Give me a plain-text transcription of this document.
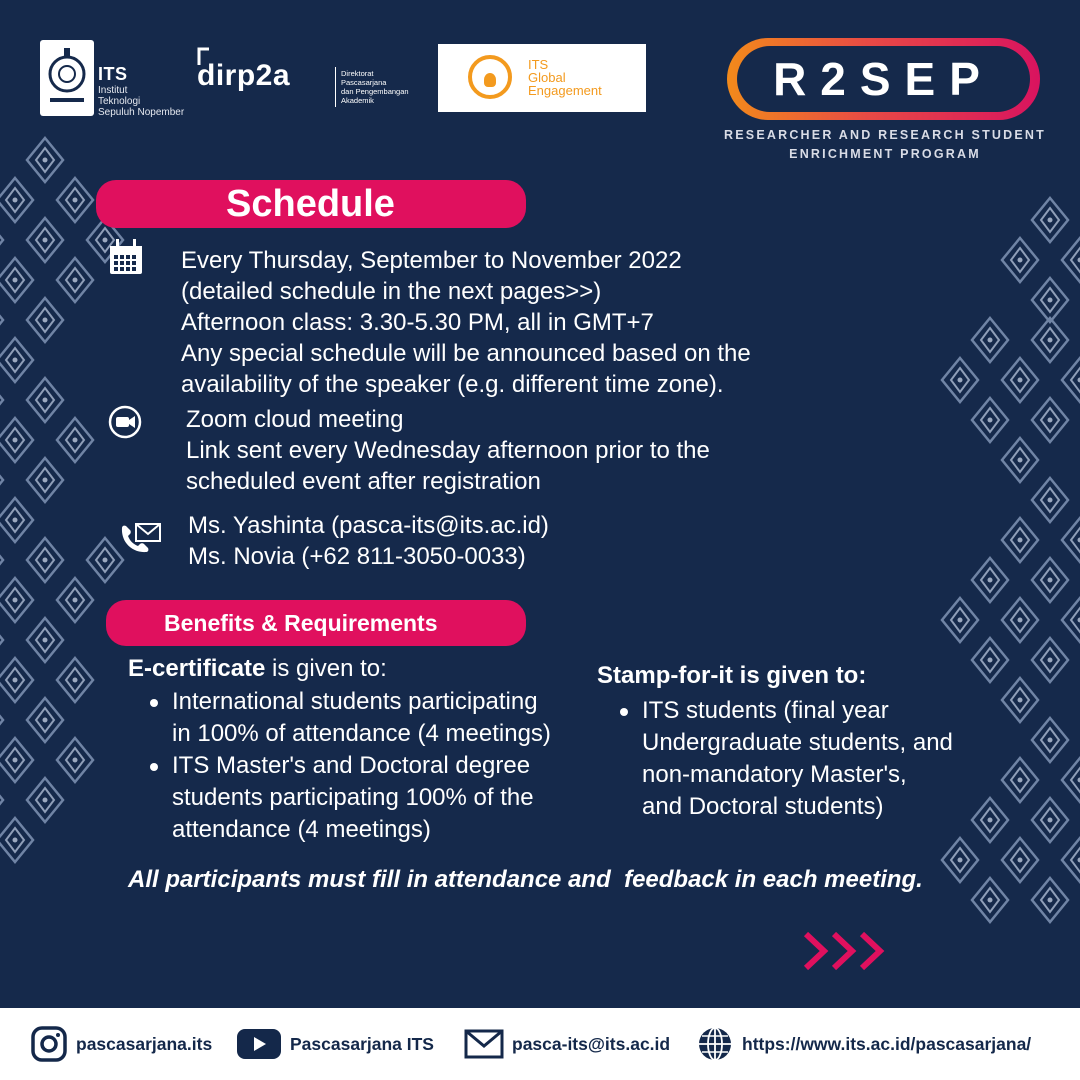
ITS
Institut
Teknologi
Sepuluh Nopember
dirp2a	Direktorat
Pascasarjana
dan Pengembangan
Akademik
ITS
Global
Engagement	R2SEP
RESEARCHER AND RESEARCH STUDENT
ENRICHMENT PROGRAM
Schedule
Every Thursday, September to November 2022
(detailed schedule in the next pages>>)
Afternoon class: 3.30-5.30 PM, all in GMT+7
Any special schedule will be announced based on the
availability of the speaker (e.g. different time zone).
Zoom cloud meeting
Link sent every Wednesday afternoon prior to the
scheduled event after registration
Ms. Yashinta (pasca-its@its.ac.id)
Ms. Novia (+62 811-3050-0033)
Benefits & Requirements
E-certificate is given to:
International students participating
in 100% of attendance (4 meetings)
ITS Master's and Doctoral degree
students participating 100% of the
attendance (4 meetings)
Stamp-for-it is given to:
ITS students (final year
Undergraduate students, and
non-mandatory Master's,
and Doctoral students)
All participants must fill in attendance and  feedback in each meeting.
pascasarjana.its	Pascasarjana ITS	pasca-its@its.ac.id	https://www.its.ac.id/pascasarjana/
